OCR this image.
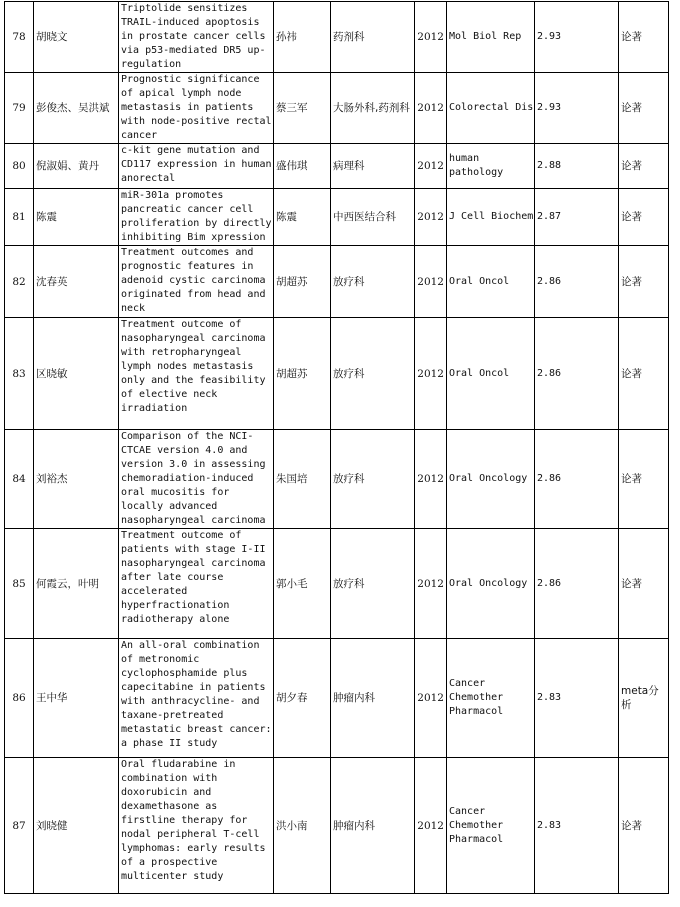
78	胡晓文	Triptolide sensitizes TRAIL-induced apoptosis in prostate cancer cells via p53-mediated DR5 up-regulation	孙祎	药剂科	2012	Mol Biol Rep	2.93	论著
79	彭俊杰、吴洪斌	Prognostic significance of apical lymph node metastasis in patients with node-positive rectal cancer	蔡三军	大肠外科,药剂科	2012	Colorectal Dis	2.93	论著
80	倪淑娟、黄丹	c-kit gene mutation and CD117 expression in human anorectal	盛伟琪	病理科	2012	human pathology	2.88	论著
81	陈震	miR-301a promotes pancreatic cancer cell proliferation by directly inhibiting Bim xpression	陈震	中西医结合科	2012	J Cell Biochem	2.87	论著
82	沈春英	Treatment outcomes and prognostic features in adenoid cystic carcinoma originated from head and neck	胡超苏	放疗科	2012	Oral Oncol	2.86	论著
83	区晓敏	Treatment outcome of nasopharyngeal carcinoma with retropharyngeal lymph nodes metastasis only and the feasibility of elective neck irradiation	胡超苏	放疗科	2012	Oral Oncol	2.86	论著
84	刘裕杰	Comparison of the NCI-CTCAE version 4.0 and version 3.0 in assessing chemoradiation-induced oral mucositis for locally advanced nasopharyngeal carcinoma	朱国培	放疗科	2012	Oral Oncology	2.86	论著
85	何霞云，叶明	Treatment outcome of patients with stage I-II nasopharyngeal carcinoma after late course accelerated hyperfractionation radiotherapy alone	郭小毛	放疗科	2012	Oral Oncology	2.86	论著
86	王中华	An all-oral combination of metronomic cyclophosphamide plus capecitabine in patients with anthracycline- and taxane-pretreated metastatic breast cancer: a phase II study	胡夕春	肿瘤内科	2012	Cancer Chemother Pharmacol	2.83	meta分析
87	刘晓健	Oral fludarabine in combination with doxorubicin and dexamethasone as firstline therapy for nodal peripheral T-cell lymphomas: early results of a prospective multicenter study	洪小南	肿瘤内科	2012	Cancer Chemother Pharmacol	2.83	论著
